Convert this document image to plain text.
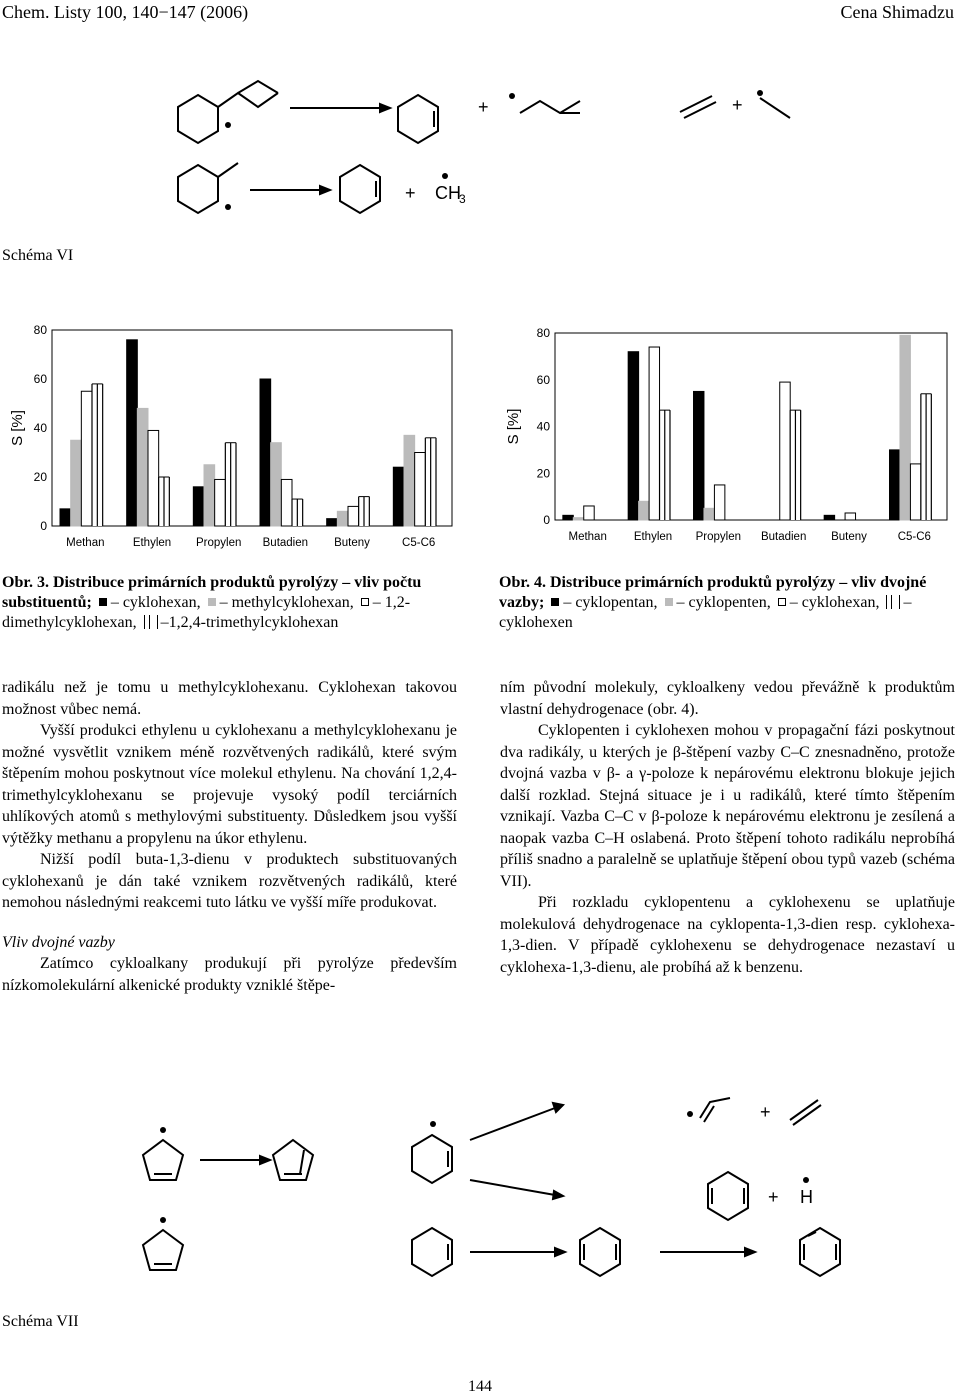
Chem. Listy 100, 140−147 (2006)	Cena Shimadzu
+	+
+ CH
3
Schéma VI
0
20
40
60
80
S [%]
Methan Ethylen Propylen Butadien Buteny	C5-C6
0
20
40
60
80
S [%]
Methan Ethylen Propylen Butadien Buteny	C5-C6
Obr. 3. Distribuce primárních produktů pyrolýzy – vliv počtu substituentů; – cyklohexan, – methylcyklohexan, – 1,2-dimethylcyklohexan, –1,2,4-trimethylcyklohexan
Obr. 4. Distribuce primárních produktů pyrolýzy – vliv dvojné vazby; – cyklopentan, – cyklopenten, – cyklohexan, – cyklohexen

radikálu než je tomu u methylcyklohexanu. Cyklohexan takovou možnost vůbec nemá.

Vyšší produkci ethylenu u cyklohexanu a methylcyklohexanu je možné vysvětlit vznikem méně rozvětvených radikálů, které svým štěpením mohou poskytnout více molekul ethylenu. Na chování 1,2,4-trimethylcyklohexanu se projevuje vysoký podíl terciárních uhlíkových atomů s methylovými substituenty. Důsledkem jsou vyšší výtěžky methanu a propylenu na úkor ethylenu.

Nižší podíl buta-1,3-dienu v produktech substituovaných cyklohexanů je dán také vznikem rozvětvených radikálů, které nemohou následnými reakcemi tuto látku ve vyšší míře produkovat.

Vliv dvojné vazby

Zatímco cykloalkany produkují při pyrolýze především nízkomolekulární alkenické produkty vzniklé štěpe-

ním původní molekuly, cykloalkeny vedou převážně k produktům vlastní dehydrogenace (obr. 4).

Cyklopenten i cyklohexen mohou v propagační fázi poskytnout dva radikály, u kterých je β-štěpení vazby C–C znesnadněno, protože dvojná vazba v β- a γ-poloze k nepárovému elektronu blokuje jejich další rozklad. Stejná situace je i u radikálů, které tímto štěpením vznikají. Vazba C–C v β-poloze k nepárovému elektronu je zesílená a naopak vazba C–H oslabená. Proto štěpení tohoto radikálu neprobíhá příliš snadno a paralelně se uplatňuje štěpení obou typů vazeb (schéma VII).

Při rozkladu cyklopentenu a cyklohexenu se uplatňuje molekulová dehydrogenace na cyklopenta-1,3-dien resp. cyklohexa-1,3-dien. V případě cyklohexenu se dehydrogenace nezastaví u cyklohexa-1,3-dienu, ale probíhá až k benzenu.

+
+ H
Schéma VII
144
